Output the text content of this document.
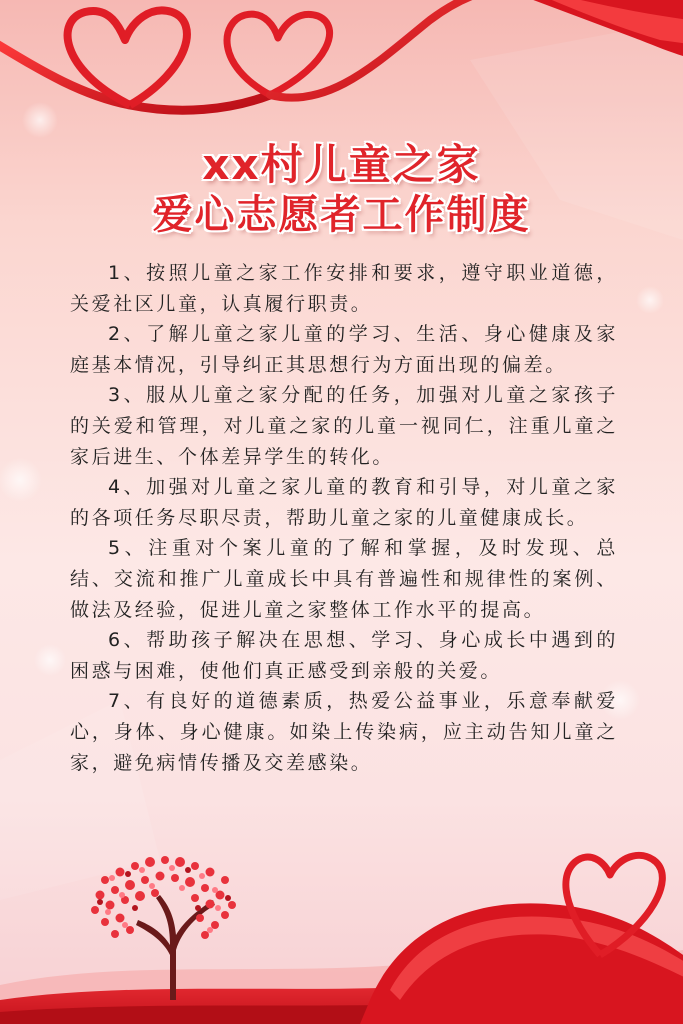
xx村儿童之家
爱心志愿者工作制度

1、按照儿童之家工作安排和要求，遵守职业道德，关爱社区儿童，认真履行职责。

2、了解儿童之家儿童的学习、生活、身心健康及家庭基本情况，引导纠正其思想行为方面出现的偏差。

3、服从儿童之家分配的任务，加强对儿童之家孩子的关爱和管理，对儿童之家的儿童一视同仁，注重儿童之家后进生、个体差异学生的转化。

4、加强对儿童之家儿童的教育和引导，对儿童之家的各项任务尽职尽责，帮助儿童之家的儿童健康成长。

5、注重对个案儿童的了解和掌握，及时发现、总结、交流和推广儿童成长中具有普遍性和规律性的案例、做法及经验，促进儿童之家整体工作水平的提高。

6、帮助孩子解决在思想、学习、身心成长中遇到的困惑与困难，使他们真正感受到亲般的关爱。

7、有良好的道德素质，热爱公益事业，乐意奉献爱心，身体、身心健康。如染上传染病，应主动告知儿童之家，避免病情传播及交差感染。
